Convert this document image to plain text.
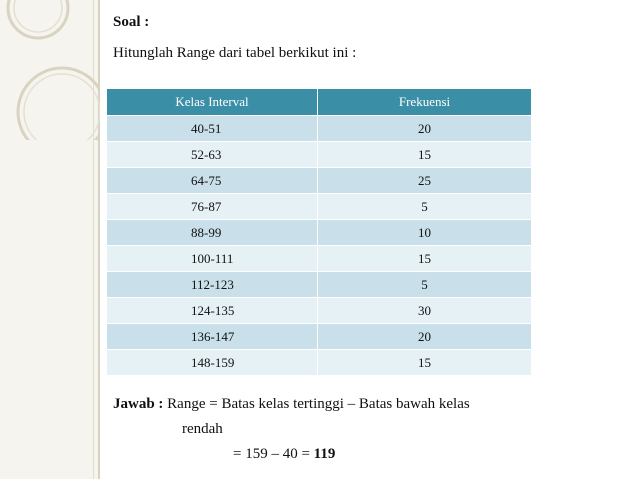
Soal :
Hitunglah Range dari tabel berkikut ini :
Kelas Interval	Frekuensi
40-51	20
52-63	15
64-75	25
76-87	5
88-99	10
100-111	15
112-123	5
124-135	30
136-147	20
148-159	15
Jawab : Range = Batas kelas tertinggi – Batas bawah kelas
rendah
= 159 – 40 = 119
